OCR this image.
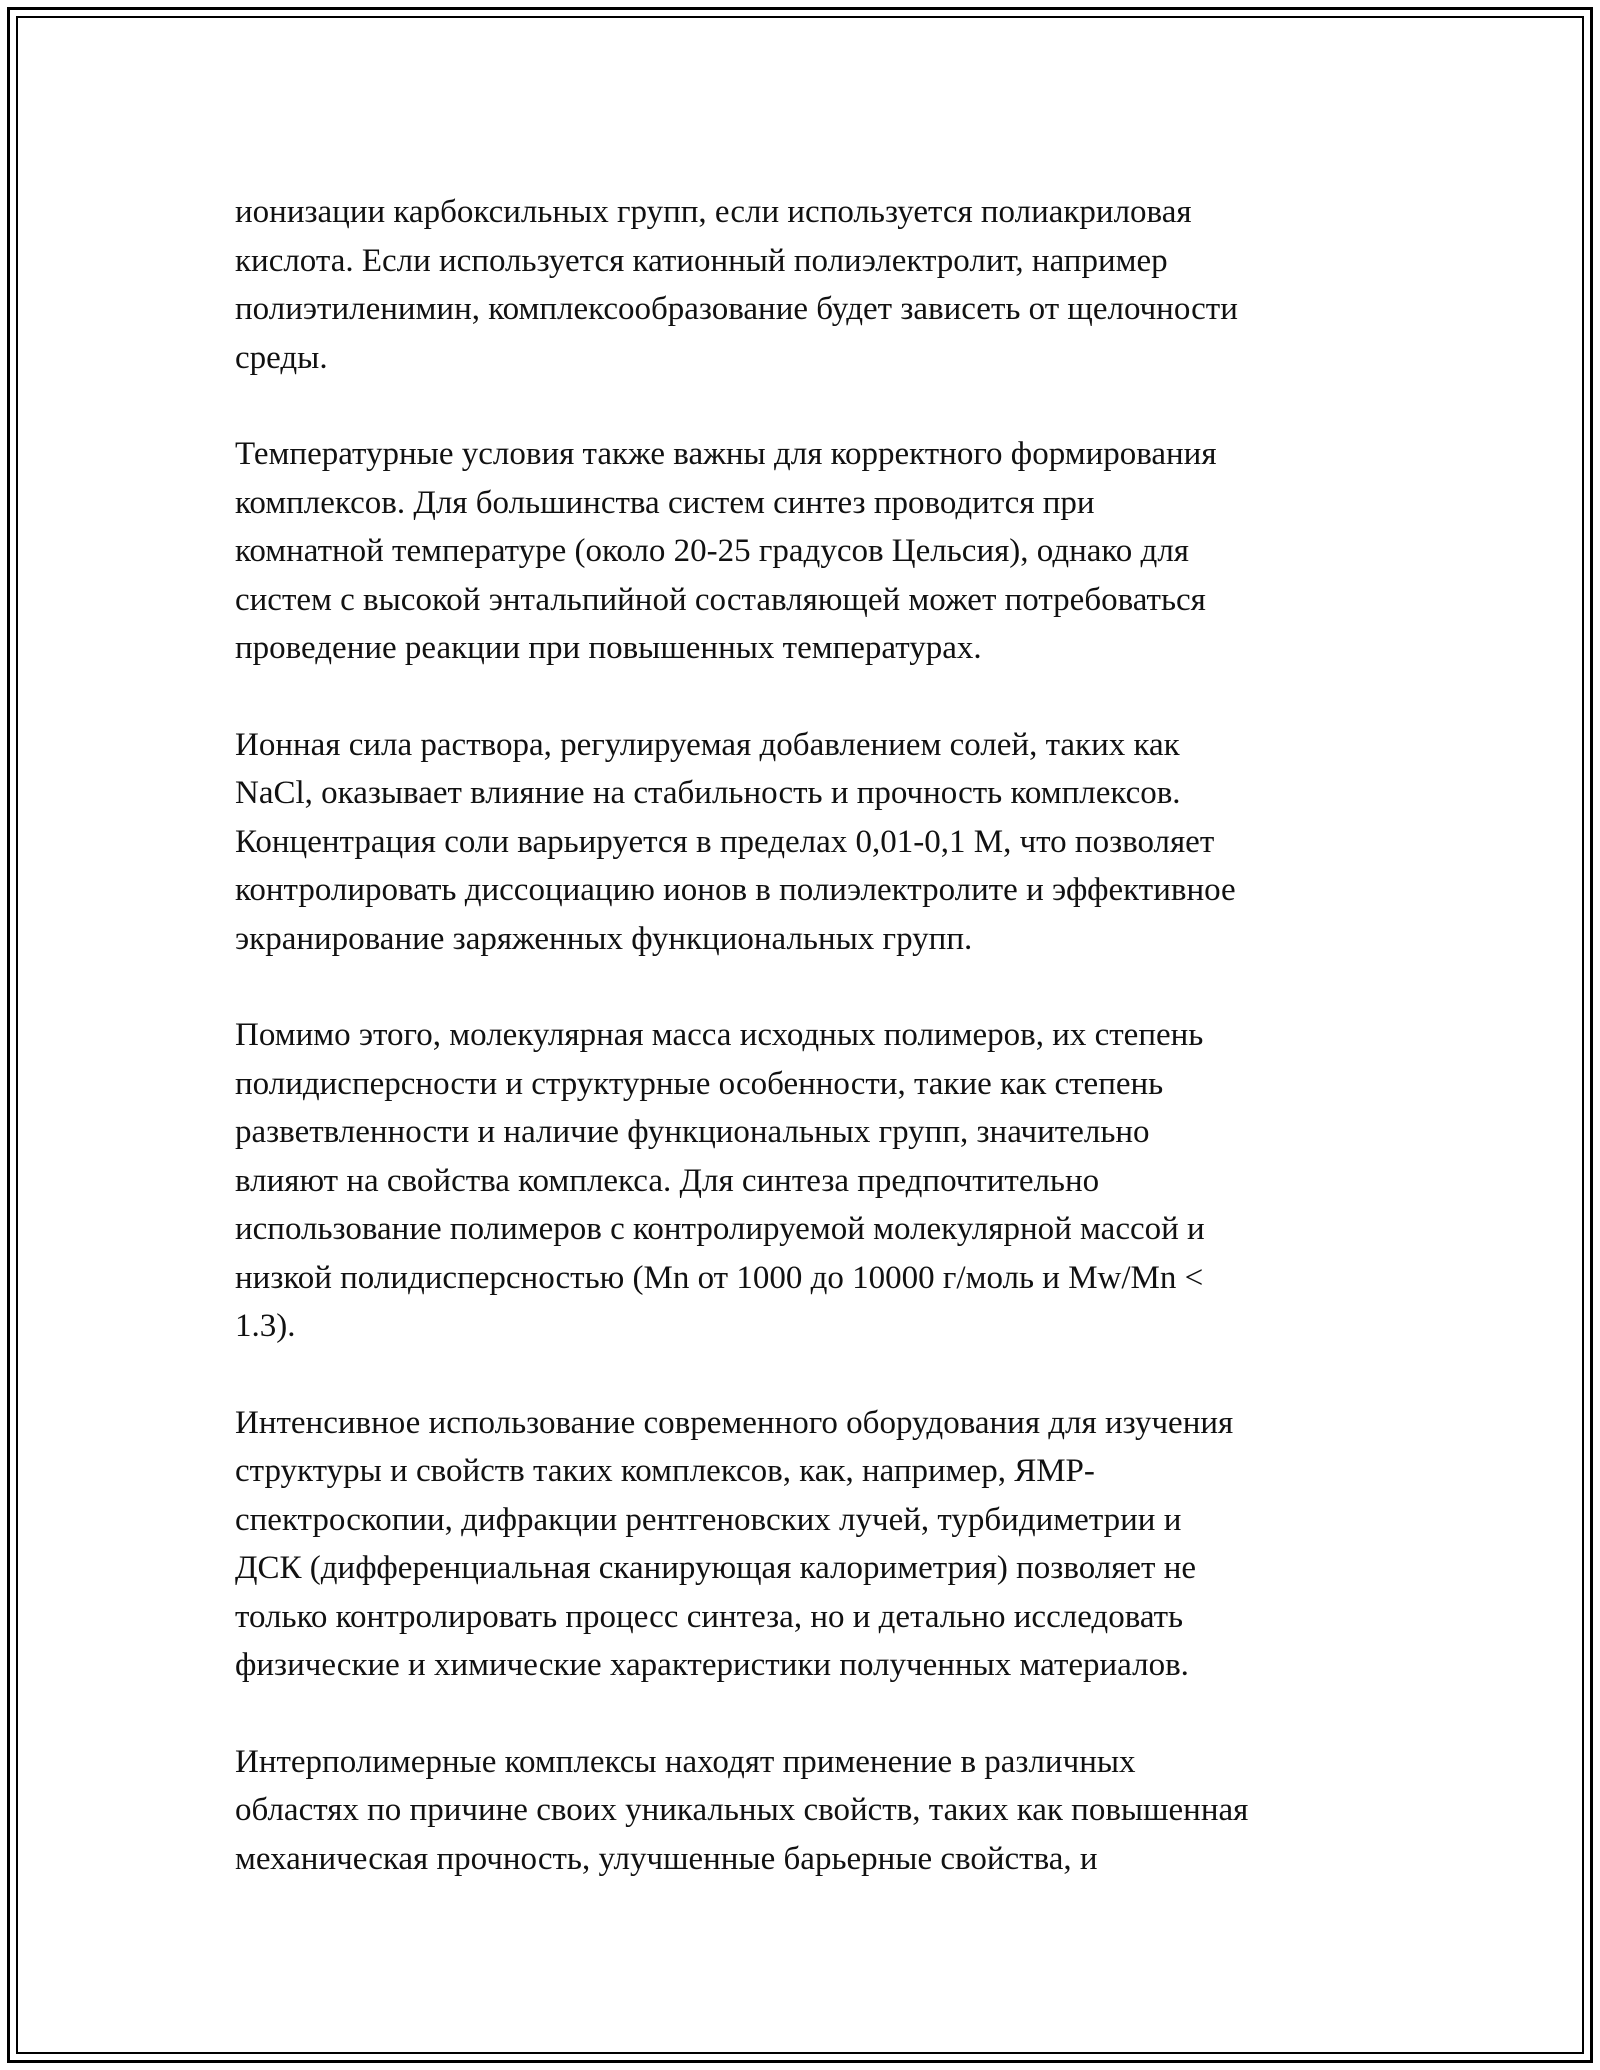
ионизации карбоксильных групп, если используется полиакриловая
кислота. Если используется катионный полиэлектролит, например
полиэтиленимин, комплексообразование будет зависеть от щелочности
среды.

Температурные условия также важны для корректного формирования
комплексов. Для большинства систем синтез проводится при
комнатной температуре (около 20-25 градусов Цельсия), однако для
систем с высокой энтальпийной составляющей может потребоваться
проведение реакции при повышенных температурах.

Ионная сила раствора, регулируемая добавлением солей, таких как
NaCl, оказывает влияние на стабильность и прочность комплексов.
Концентрация соли варьируется в пределах 0,01-0,1 М, что позволяет
контролировать диссоциацию ионов в полиэлектролите и эффективное
экранирование заряженных функциональных групп.

Помимо этого, молекулярная масса исходных полимеров, их степень
полидисперсности и структурные особенности, такие как степень
разветвленности и наличие функциональных групп, значительно
влияют на свойства комплекса. Для синтеза предпочтительно
использование полимеров с контролируемой молекулярной массой и
низкой полидисперсностью (Mn от 1000 до 10000 г/моль и Mw/Mn <
1.3).

Интенсивное использование современного оборудования для изучения
структуры и свойств таких комплексов, как, например, ЯМР-
спектроскопии, дифракции рентгеновских лучей, турбидиметрии и
ДСК (дифференциальная сканирующая калориметрия) позволяет не
только контролировать процесс синтеза, но и детально исследовать
физические и химические характеристики полученных материалов.

Интерполимерные комплексы находят применение в различных
областях по причине своих уникальных свойств, таких как повышенная
механическая прочность, улучшенные барьерные свойства, и
